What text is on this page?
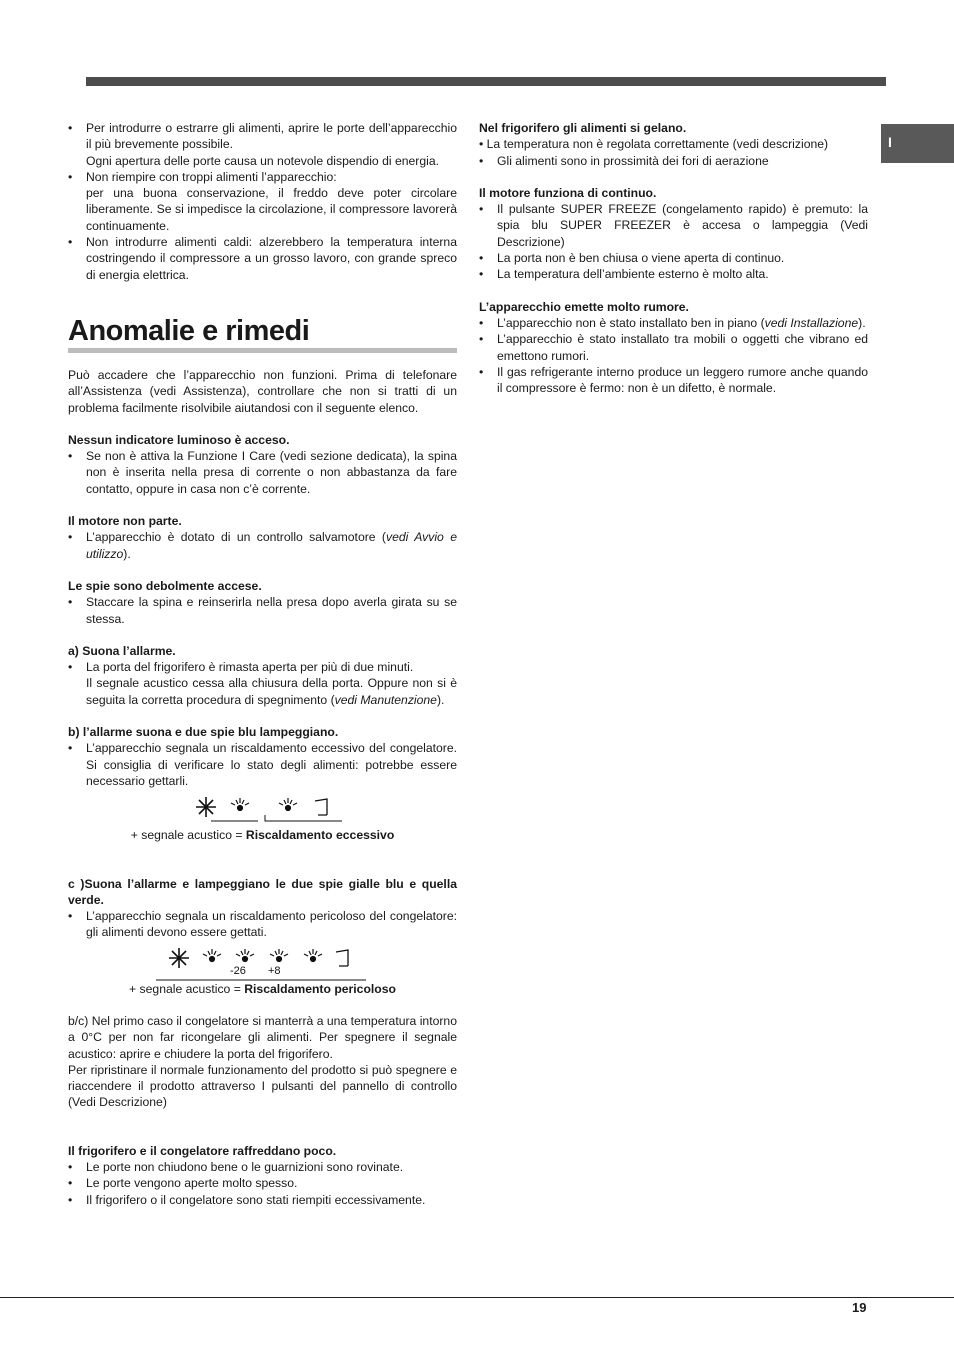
I
• Per introdurre o estrarre gli alimenti, aprire le porte dell’apparecchio il più brevemente possibile.
Ogni apertura delle porte causa un notevole dispendio di energia.
• Non riempire con troppi alimenti l’apparecchio:
per una buona conservazione, il freddo deve poter circolare liberamente. Se si impedisce la circolazione, il compressore lavorerà continuamente.
• Non introdurre alimenti caldi: alzerebbero la temperatura interna costringendo il compressore a un grosso lavoro, con grande spreco di energia elettrica.
Anomalie e rimedi

Può accadere che l’apparecchio non funzioni. Prima di telefonare all’Assistenza (vedi Assistenza), controllare che non si tratti di un problema facilmente risolvibile aiutandosi con il seguente elenco.

Nessun indicatore luminoso è acceso.

• Se non è attiva la Funzione I Care (vedi sezione dedicata), la spina non è inserita nella presa di corrente o non abbastanza da fare contatto, oppure in casa non c’è corrente.

Il motore non parte.

• L’apparecchio è dotato di un controllo salvamotore (vedi Avvio e utilizzo).

Le spie sono debolmente accese.

• Staccare la spina e reinserirla nella presa dopo averla girata su se stessa.

a) Suona l’allarme.

• La porta del frigorifero è rimasta aperta per più di due minuti.
Il segnale acustico cessa alla chiusura della porta. Oppure non si è seguita la corretta procedura di spegnimento (vedi Manutenzione).

b) l’allarme suona e due spie blu lampeggiano.

• L’apparecchio segnala un riscaldamento eccessivo del congelatore. Si consiglia di verificare lo stato degli alimenti: potrebbe essere necessario gettarli.

+ segnale acustico = Riscaldamento eccessivo

c )Suona l’allarme e lampeggiano le due spie gialle blu e quella verde.

• L’apparecchio segnala un riscaldamento pericoloso del congelatore: gli alimenti devono essere gettati.
-26 +8

+ segnale acustico = Riscaldamento pericoloso

b/c) Nel primo caso il congelatore si manterrà a una temperatura intorno a 0°C per non far ricongelare gli alimenti. Per spegnere il segnale acustico: aprire e chiudere la porta del frigorifero.

Per ripristinare il normale funzionamento del prodotto si può spegnere e riaccendere il prodotto attraverso I pulsanti del pannello di controllo (Vedi Descrizione)

Il frigorifero e il congelatore raffreddano poco.

• Le porte non chiudono bene o le guarnizioni sono rovinate.
• Le porte vengono aperte molto spesso.
• Il frigorifero o il congelatore sono stati riempiti eccessivamente.

Nel frigorifero gli alimenti si gelano.

• La temperatura non è regolata correttamente (vedi descrizione)

• Gli alimenti sono in prossimità dei fori di aerazione

Il motore funziona di continuo.

• Il pulsante SUPER FREEZE (congelamento rapido) è premuto: la spia blu SUPER FREEZER è accesa o lampeggia (Vedi Descrizione)
• La porta non è ben chiusa o viene aperta di continuo.
• La temperatura dell’ambiente esterno è molto alta.

L’apparecchio emette molto rumore.

• L’apparecchio non è stato installato ben in piano (vedi Installazione).
• L’apparecchio è stato installato tra mobili o oggetti che vibrano ed emettono rumori.
• Il gas refrigerante interno produce un leggero rumore anche quando il compressore è fermo: non è un difetto, è normale.
19
